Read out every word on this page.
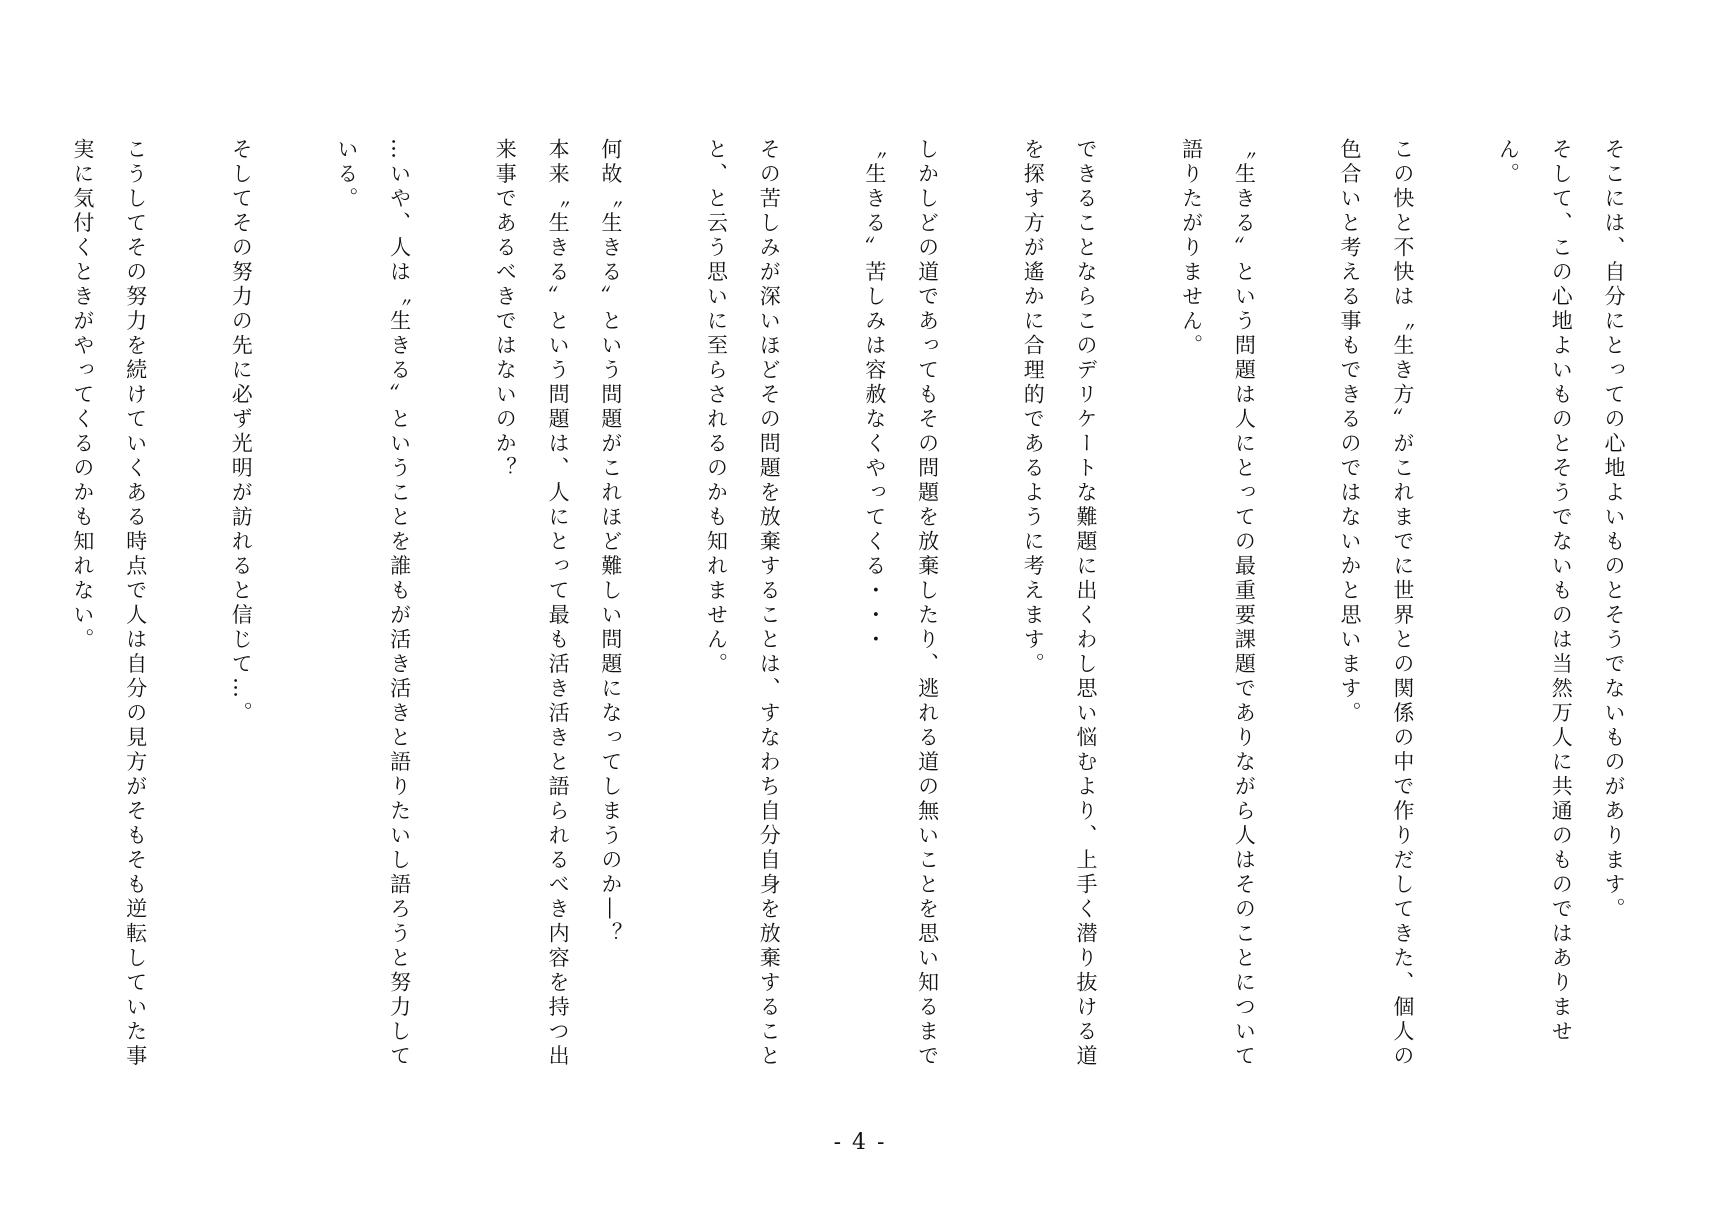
そこには、自分にとっての心地よいものとそうでないものがあります。

そして、この心地よいものとそうでないものは当然万人に共通のものではありません。

この快と不快は〝生き方〟がこれまでに世界との関係の中で作りだしてきた、個人の色合いと考える事もできるのではないかと思います。

〝生きる〟という問題は人にとっての最重要課題でありながら人はそのことについて語りたがりません。

できることならこのデリケートな難題に出くわし思い悩むより、上手く潜り抜ける道を探す方が遙かに合理的であるように考えます。

しかしどの道であってもその問題を放棄したり、逃れる道の無いことを思い知るまで〝生きる〟苦しみは容赦なくやってくる・・・

その苦しみが深いほどその問題を放棄することは、すなわち自分自身を放棄することと、と云う思いに至らされるのかも知れません。

何故〝生きる〟という問題がこれほど難しい問題になってしまうのか―？

本来〝生きる〟という問題は、人にとって最も活き活きと語られるべき内容を持つ出来事であるべきではないのか？

…いや、人は〝生きる〟ということを誰もが活き活きと語りたいし語ろうと努力している。

そしてその努力の先に必ず光明が訪れると信じて…。

こうしてその努力を続けていくある時点で人は自分の見方がそもそも逆転していた事実に気付くときがやってくるのかも知れない。

- 4 -
